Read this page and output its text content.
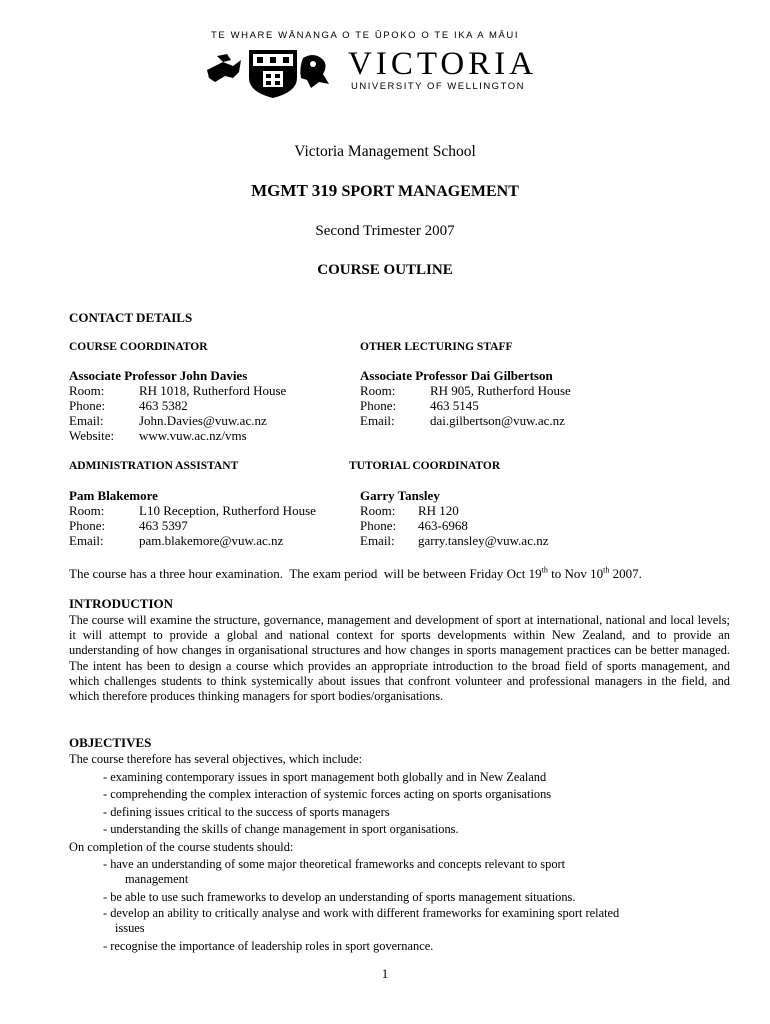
TE WHARE WĀNANGA O TE ŪPOKO O TE IKA A MĀUI
VICTORIA
UNIVERSITY OF WELLINGTON
Victoria Management School
MGMT 319 SPORT MANAGEMENT
Second Trimester 2007
COURSE OUTLINE
CONTACT DETAILS
COURSE COORDINATOR	OTHER LECTURING STAFF
Associate Professor John Davies
Room:	RH 1018, Rutherford House
Phone:	463 5382
Email:	John.Davies@vuw.ac.nz
Website: www.vuw.ac.nz/vms
Associate Professor Dai Gilbertson
Room:	RH 905, Rutherford House
Phone:	463 5145
Email:	dai.gilbertson@vuw.ac.nz
ADMINISTRATION ASSISTANT	TUTORIAL COORDINATOR
Pam Blakemore
Room:	L10 Reception, Rutherford House
Phone:	463 5397
Email:	pam.blakemore@vuw.ac.nz
Garry Tansley
Room: RH 120
Phone: 463-6968
Email: garry.tansley@vuw.ac.nz
The course has a three hour examination.  The exam period  will be between Friday Oct 19th to Nov 10th 2007.
INTRODUCTION
The course will examine the structure, governance, management and development of sport at international, national and local levels; it will attempt to provide a global and national context for sports developments within New Zealand, and to provide an understanding of how changes in organisational structures and how changes in sports management practices can be better managed. The intent has been to design a course which provides an appropriate introduction to the broad field of sports management, and which challenges students to think systemically about issues that confront volunteer and professional managers in the field, and which therefore produces thinking managers for sport bodies/organisations.
OBJECTIVES
The course therefore has several objectives, which include:
- examining contemporary issues in sport management both globally and in New Zealand
- comprehending the complex interaction of systemic forces acting on sports organisations
- defining issues critical to the success of sports managers
- understanding the skills of change management in sport organisations.
On completion of the course students should:
- have an understanding of some major theoretical frameworks and concepts relevant to sport
management
- be able to use such frameworks to develop an understanding of sports management situations.
- develop an ability to critically analyse and work with different frameworks for examining sport related
issues
- recognise the importance of leadership roles in sport governance.
1
